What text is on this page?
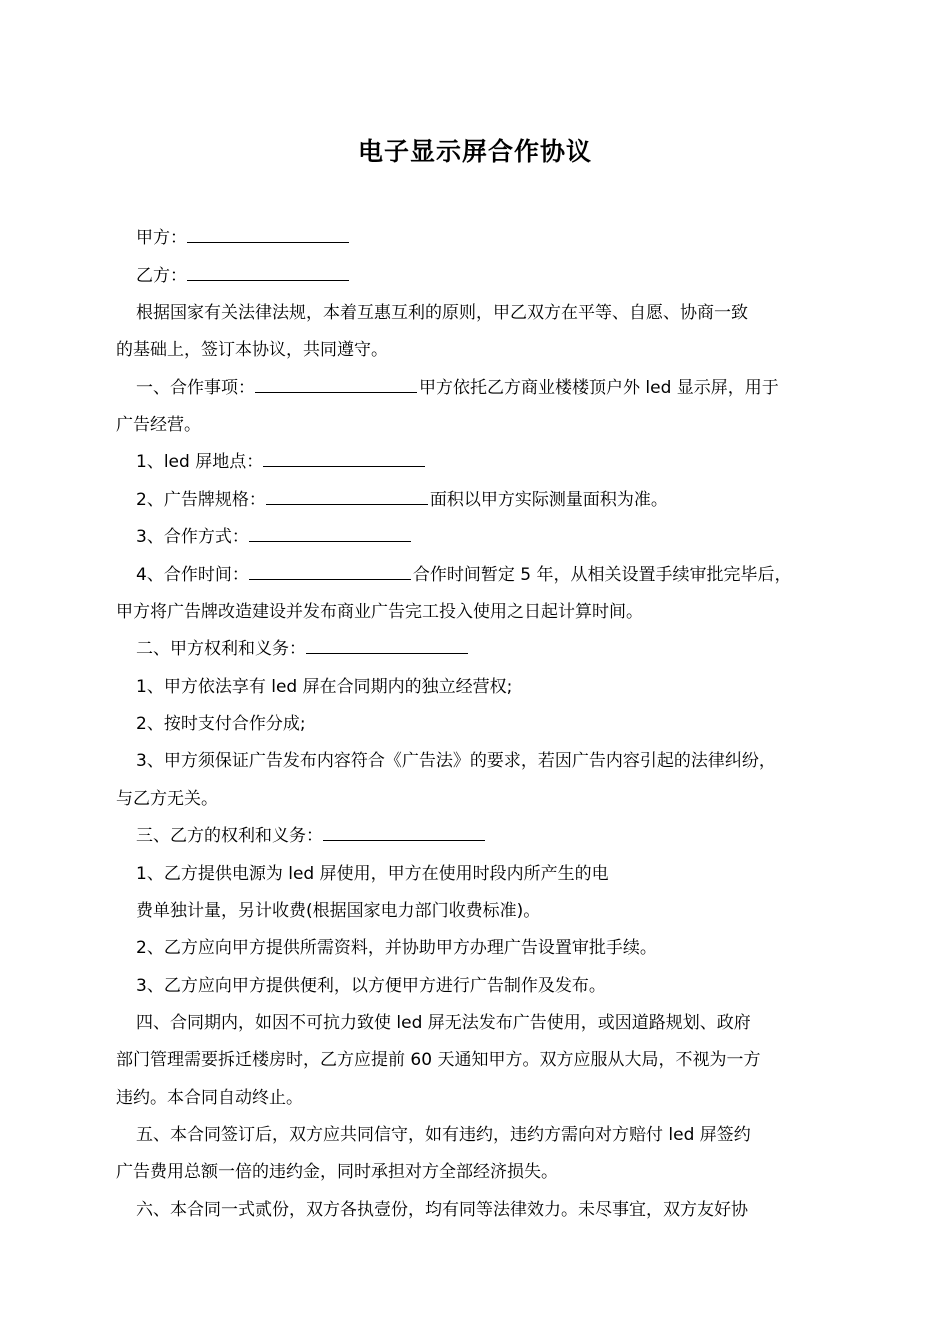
电子显示屏合作协议
甲方：
乙方：
根据国家有关法律法规，本着互惠互利的原则，甲乙双方在平等、自愿、协商一致
的基础上，签订本协议，共同遵守。
一、合作事项：	甲方依托乙方商业楼楼顶户外 led 显示屏，用于
广告经营。
1、led 屏地点：
2、广告牌规格：	面积以甲方实际测量面积为准。
3、合作方式：
4、合作时间：	合作时间暂定 5 年，从相关设置手续审批完毕后，
甲方将广告牌改造建设并发布商业广告完工投入使用之日起计算时间。
二、甲方权利和义务：
1、甲方依法享有 led 屏在合同期内的独立经营权;
2、按时支付合作分成;
3、甲方须保证广告发布内容符合《广告法》的要求，若因广告内容引起的法律纠纷，
与乙方无关。
三、乙方的权利和义务：
1、乙方提供电源为 led 屏使用，甲方在使用时段内所产生的电
费单独计量，另计收费(根据国家电力部门收费标准)。
2、乙方应向甲方提供所需资料，并协助甲方办理广告设置审批手续。
3、乙方应向甲方提供便利，以方便甲方进行广告制作及发布。
四、合同期内，如因不可抗力致使 led 屏无法发布广告使用，或因道路规划、政府
部门管理需要拆迁楼房时，乙方应提前 60 天通知甲方。双方应服从大局，不视为一方
违约。本合同自动终止。
五、本合同签订后，双方应共同信守，如有违约，违约方需向对方赔付 led 屏签约
广告费用总额一倍的违约金，同时承担对方全部经济损失。
六、本合同一式贰份，双方各执壹份，均有同等法律效力。未尽事宜，双方友好协
